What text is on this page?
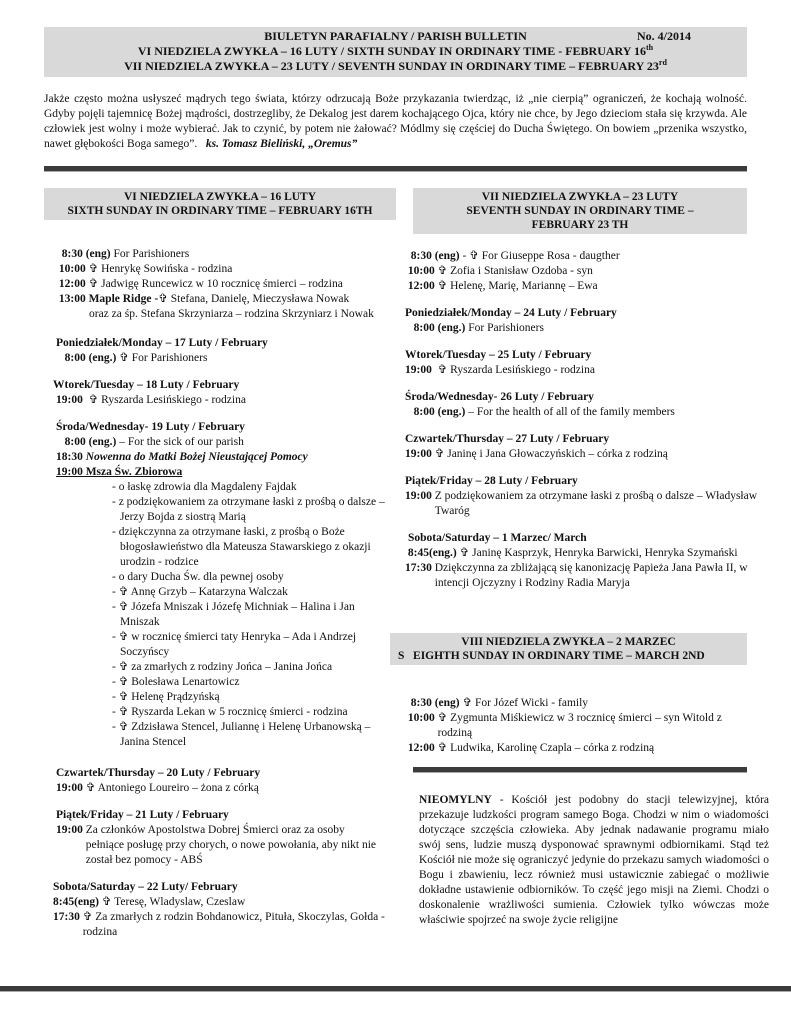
BIULETYN PARAFIALNY / PARISH BULLETIN	No. 4/2014
VI NIEDZIELA ZWYKŁA – 16 LUTY / SIXTH SUNDAY IN ORDINARY TIME - FEBRUARY 16th
VII NIEDZIELA ZWYKŁA – 23 LUTY / SEVENTH SUNDAY IN ORDINARY TIME – FEBRUARY 23rd
Jakże często można usłyszeć mądrych tego świata, którzy odrzucają Boże przykazania twierdząc, iż „nie cierpią” ograniczeń, że kochają wolność. Gdyby pojęli tajemnicę Bożej mądrości, dostrzegliby, że Dekalog jest darem kochającego Ojca, który nie chce, by Jego dzieciom stała się krzywda. Ale człowiek jest wolny i może wybierać. Jak to czynić, by potem nie żałować? Módlmy się częściej do Ducha Świętego. On bowiem „przenika wszystko, nawet głębokości Boga samego”. ks. Tomasz Bieliński, „Oremus”
VI NIEDZIELA ZWYKŁA – 16 LUTY
SIXTH SUNDAY IN ORDINARY TIME – FEBRUARY 16TH
VII NIEDZIELA ZWYKŁA – 23 LUTY
SEVENTH SUNDAY IN ORDINARY TIME –
FEBRUARY 23 TH
8:30 (eng) For Parishioners
10:00 ✞ Henrykę Sowińska - rodzina
12:00 ✞ Jadwigę Runcewicz w 10 rocznicę śmierci – rodzina
13:00 Maple Ridge - ✞ Stefana, Danielę, Mieczysława Nowak
oraz za śp. Stefana Skrzyniarza – rodzina Skrzyniarz i Nowak
Poniedziałek/Monday – 17 Luty / February
8:00 (eng.) ✞ For Parishioners
Wtorek/Tuesday – 18 Luty / February
19:00 ✞ Ryszarda Lesińskiego - rodzina
Środa/Wednesday- 19 Luty / February
8:00 (eng.) – For the sick of our parish
18:30 Nowenna do Matki Bożej Nieustającej Pomocy
19:00 Msza Św. Zbiorowa
- o łaskę zdrowia dla Magdaleny Fajdak
- z podziękowaniem za otrzymane łaski z prośbą o dalsze – Jerzy Bojda z siostrą Marią
- dziękczynna za otrzymane łaski, z prośbą o Boże błogosławieństwo dla Mateusza Stawarskiego z okazji urodzin - rodzice
- o dary Ducha Św. dla pewnej osoby
- ✞ Annę Grzyb – Katarzyna Walczak
- ✞ Józefa Mniszak i Józefę Michniak – Halina i Jan Mniszak
- ✞ w rocznicę śmierci taty Henryka – Ada i Andrzej Soczyńscy
- ✞ za zmarłych z rodziny Jońca – Janina Jońca
- ✞ Bolesława Lenartowicz
- ✞ Helenę Prądzyńską
- ✞ Ryszarda Lekan w 5 rocznicę śmierci - rodzina
- ✞ Zdzisława Stencel, Juliannę i Helenę Urbanowską – Janina Stencel
Czwartek/Thursday – 20 Luty / February
19:00 ✞ Antoniego Loureiro – żona z córką
Piątek/Friday – 21 Luty / February
19:00 Za członków Apostolstwa Dobrej Śmierci oraz za osoby pełniące posługę przy chorych, o nowe powołania, aby nikt nie został bez pomocy - ABŚ
Sobota/Saturday – 22 Luty/ February
8:45(eng) ✞ Teresę, Wladyslaw, Czeslaw
17:30 ✞ Za zmarłych z rodzin Bohdanowicz, Pituła, Skoczylas, Gołda - rodzina
8:30 (eng) - ✞ For Giuseppe Rosa - daugther
10:00 ✞ Zofia i Stanisław Ozdoba - syn
12:00 ✞ Helenę, Marię, Mariannę – Ewa
Poniedziałek/Monday – 24 Luty / February
8:00 (eng.) For Parishioners
Wtorek/Tuesday – 25 Luty / February
19:00 ✞ Ryszarda Lesińskiego - rodzina
Środa/Wednesday- 26 Luty / February
8:00 (eng.) – For the health of all of the family members
Czwartek/Thursday – 27 Luty / February
19:00 ✞ Janinę i Jana Głowaczyńskich – córka z rodziną
Piątek/Friday – 28 Luty / February
19:00 Z podziękowaniem za otrzymane łaski z prośbą o dalsze – Władysław Twaróg
Sobota/Saturday – 1 Marzec/ March
8:45(eng.) ✞ Janinę Kasprzyk, Henryka Barwicki, Henryka Szymański
17:30 Dziękczynna za zbliżającą się kanonizację Papieża Jana Pawła II, w intencji Ojczyzny i Rodziny Radia Maryja
VIII NIEDZIELA ZWYKŁA – 2 MARZEC
S   EIGHTH SUNDAY IN ORDINARY TIME – MARCH 2ND
8:30 (eng) ✞ For Józef Wicki - family
10:00 ✞ Zygmunta Miśkiewicz w 3 rocznicę śmierci – syn Witold z rodziną
12:00 ✞ Ludwika, Karolinę Czapla – córka z rodziną
NIEOMYLNY - Kościół jest podobny do stacji telewizyjnej, która przekazuje ludzkości program samego Boga. Chodzi w nim o wiadomości dotyczące szczęścia człowieka. Aby jednak nadawanie programu miało swój sens, ludzie muszą dysponować sprawnymi odbiornikami. Stąd też Kościół nie może się ograniczyć jedynie do przekazu samych wiadomości o Bogu i zbawieniu, lecz również musi ustawicznie zabiegać o możliwie dokładne ustawienie odbiorników. To część jego misji na Ziemi. Chodzi o doskonalenie wrażliwości sumienia. Człowiek tylko wówczas może właściwie spojrzeć na swoje życie religijne
